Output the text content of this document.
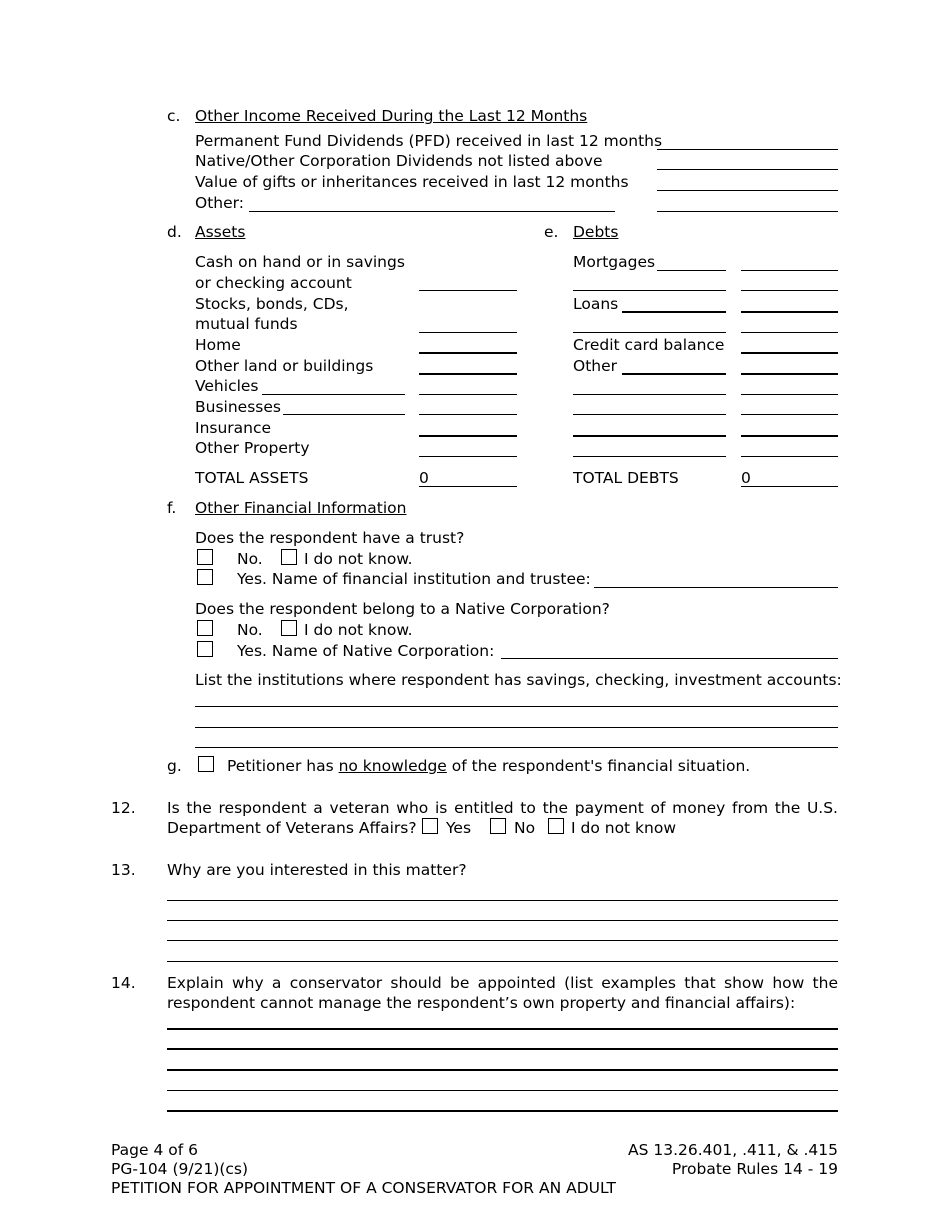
c. Other Income Received During the Last 12 Months
Permanent Fund Dividends (PFD) received in last 12 months
Native/Other Corporation Dividends not listed above
Value of gifts or inheritances received in last 12 months
Other:
d. Assets
Cash on hand or in savings
or checking account
Stocks, bonds, CDs,
mutual funds
Home
Other land or buildings
Vehicles
Businesses
Insurance
Other Property
TOTAL ASSETS	0
e. Debts
Mortgages
Loans
Credit card balance
Other
TOTAL DEBTS	0
f. Other Financial Information
Does the respondent have a trust?
No.	I do not know.
Yes. Name of financial institution and trustee:
Does the respondent belong to a Native Corporation?
No.	I do not know.
Yes. Name of Native Corporation:
List the institutions where respondent has savings, checking, investment accounts:
g.	Petitioner has no knowledge of the respondent's financial situation.
12. Is the respondent a veteran who is entitled to the payment of money from the U.S.
Department of Veterans Affairs? Yes	No I do not know
13. Why are you interested in this matter?
14. Explain why a conservator should be appointed (list examples that show how the
respondent cannot manage the respondent’s own property and financial affairs):
Page 4 of 6
PG-104 (9/21)(cs)
PETITION FOR APPOINTMENT OF A CONSERVATOR FOR AN ADULT
AS 13.26.401, .411, & .415
Probate Rules 14 - 19
